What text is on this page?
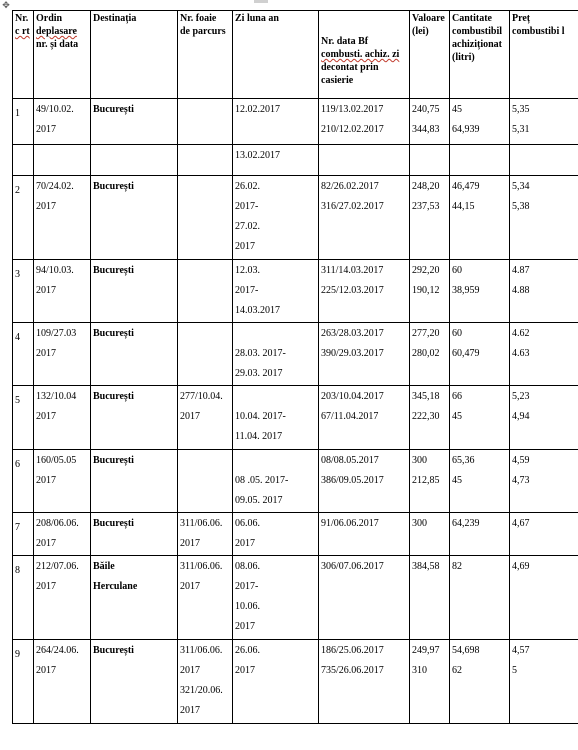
✥
Nr.
c rt	Ordin
deplasare
nr. și data	Destinația	Nr. foaie
de parcurs	Zi luna an	Nr. data Bf
combusti. achiz. zi
decontat prin
casierie	Valoare
(lei)	Cantitate
combustibil
achiziționat
(litri)	Preț
combustibi l

1	49/10.02.
2017	București		12.02.2017	119/13.02.2017
210/12.02.2017	240,75
344,83	45
64,939	5,35
5,31

				13.02.2017				

2	70/24.02.
2017	București		26.02.
2017-
27.02.
2017	82/26.02.2017
316/27.02.2017	248,20
237,53	46,479
44,15	5,34
5,38

3	94/10.03.
2017	București		12.03.
2017-
14.03.2017	311/14.03.2017
225/12.03.2017	292,20
190,12	60
38,959	4.87
4.88

4	109/27.03
2017	București		28.03. 2017-
29.03. 2017	263/28.03.2017
390/29.03.2017	277,20
280,02	60
60,479	4.62
4.63

5	132/10.04
2017	București	277/10.04.
2017	10.04. 2017-
11.04. 2017	203/10.04.2017
67/11.04.2017	345,18
222,30	66
45	5,23
4,94

6	160/05.05
2017	București		08 .05. 2017-
09.05. 2017	08/08.05.2017
386/09.05.2017	300
212,85	65,36
45	4,59
4,73

7	208/06.06.
2017	București	311/06.06.
2017	06.06.
2017	91/06.06.2017	300	64,239	4,67

8	212/07.06.
2017	Băile
Herculane	311/06.06.
2017	08.06.
2017-
10.06.
2017	306/07.06.2017	384,58	82	4,69

9	264/24.06.
2017	București	311/06.06.
2017
321/20.06.
2017	26.06.
2017	186/25.06.2017
735/26.06.2017	249,97
310	54,698
62	4,57
5
